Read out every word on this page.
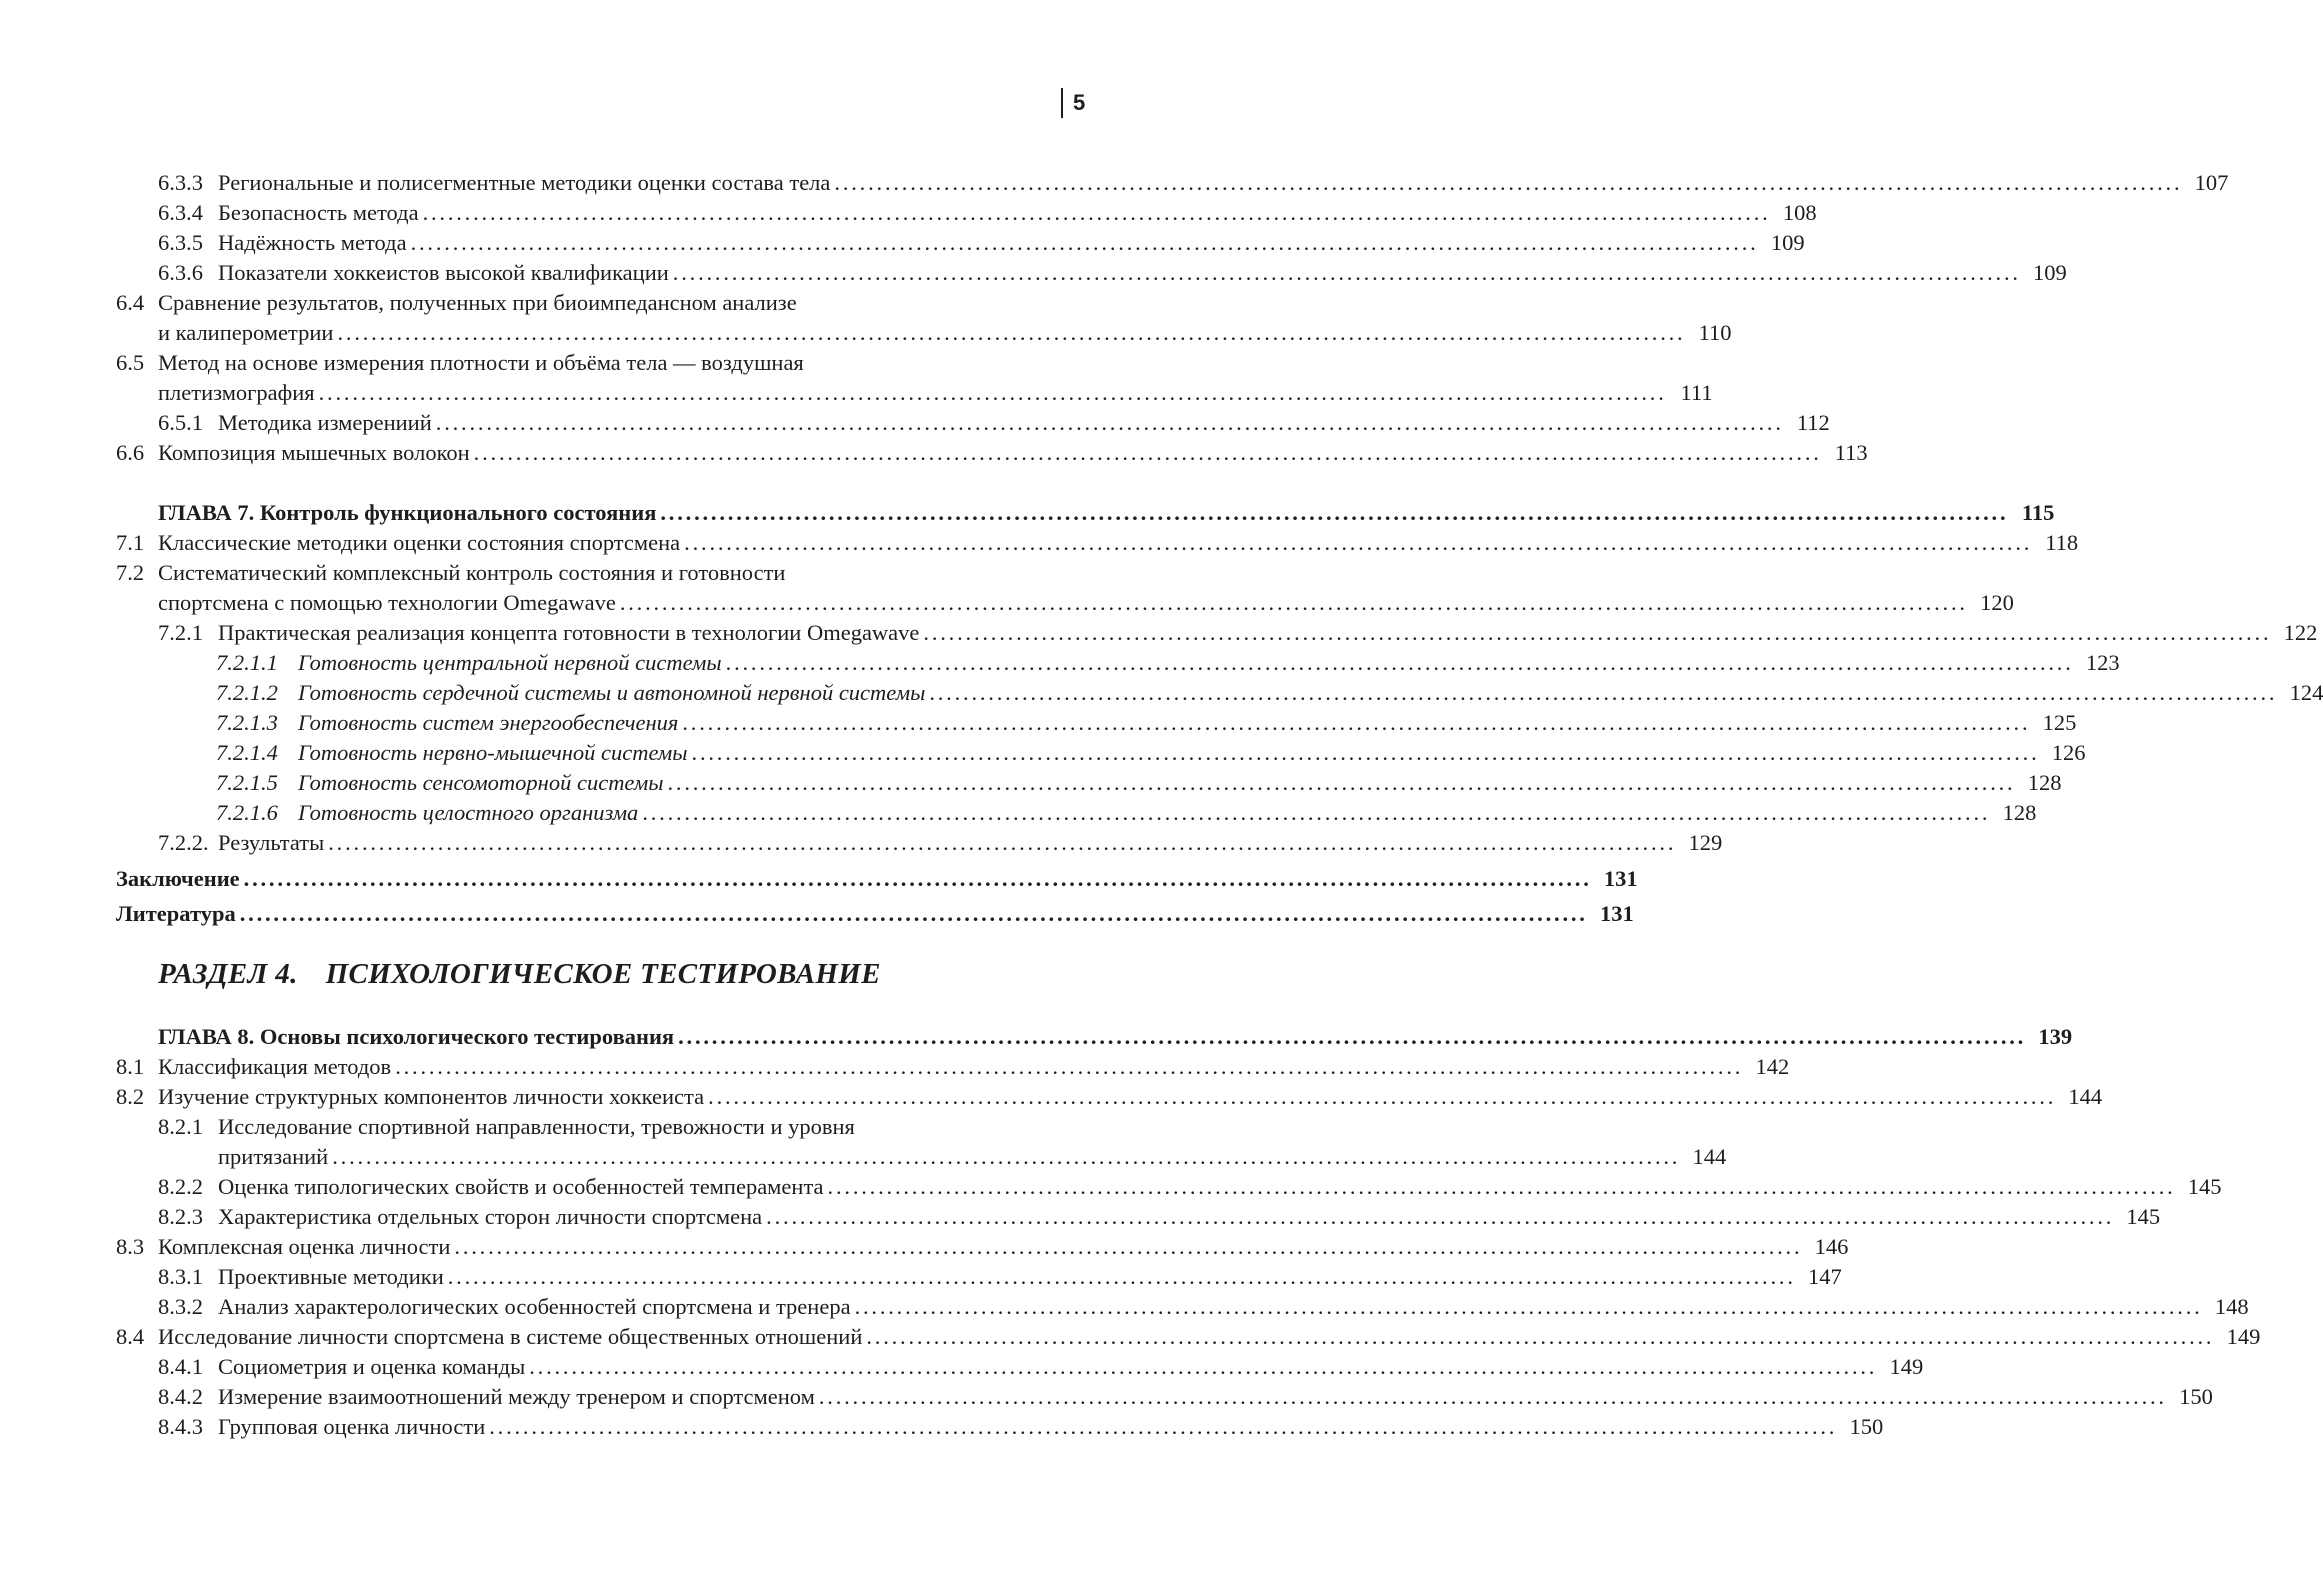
5
6.3.3 Региональные и полисегментные методики оценки состава тела ................................................................................................................................................................ 107
6.3.4 Безопасность метода ................................................................................................................................................................ 108
6.3.5 Надёжность метода ................................................................................................................................................................ 109
6.3.6 Показатели хоккеистов высокой квалификации ................................................................................................................................................................ 109
6.4 Сравнение результатов, полученных при биоимпедансном анализе
и калиперометрии ................................................................................................................................................................ 110
6.5 Метод на основе измерения плотности и объёма тела — воздушная
плетизмография ................................................................................................................................................................ 111
6.5.1 Методика измерениий ................................................................................................................................................................ 112
6.6 Композиция мышечных волокон ................................................................................................................................................................ 113
ГЛАВА 7. Контроль функционального состояния ................................................................................................................................................................ 115
7.1 Классические методики оценки состояния спортсмена ................................................................................................................................................................ 118
7.2 Систематический комплексный контроль состояния и готовности
спортсмена с помощью технологии Omegawave ................................................................................................................................................................ 120
7.2.1 Практическая реализация концепта готовности в технологии Omegawave ................................................................................................................................................................ 122
7.2.1.1 Готовность центральной нервной системы ................................................................................................................................................................ 123
7.2.1.2 Готовность сердечной системы и автономной нервной системы ................................................................................................................................................................ 124
7.2.1.3 Готовность систем энергообеспечения ................................................................................................................................................................ 125
7.2.1.4 Готовность нервно-мышечной системы ................................................................................................................................................................ 126
7.2.1.5 Готовность сенсомоторной системы ................................................................................................................................................................ 128
7.2.1.6 Готовность целостного организма ................................................................................................................................................................ 128
7.2.2. Результаты ................................................................................................................................................................ 129
Заключение ................................................................................................................................................................ 131
Литература ................................................................................................................................................................ 131
ГЛАВА 8. Основы психологического тестирования ................................................................................................................................................................ 139
8.1 Классификация методов ................................................................................................................................................................ 142
8.2 Изучение структурных компонентов личности хоккеиста ................................................................................................................................................................ 144
8.2.1 Исследование спортивной направленности, тревожности и уровня
притязаний ................................................................................................................................................................ 144
8.2.2 Оценка типологических свойств и особенностей темперамента ................................................................................................................................................................ 145
8.2.3 Характеристика отдельных сторон личности спортсмена ................................................................................................................................................................ 145
8.3 Комплексная оценка личности ................................................................................................................................................................ 146
8.3.1 Проективные методики ................................................................................................................................................................ 147
8.3.2 Анализ характерологических особенностей спортсмена и тренера ................................................................................................................................................................ 148
8.4 Исследование личности спортсмена в системе общественных отношений ................................................................................................................................................................ 149
8.4.1 Социометрия и оценка команды ................................................................................................................................................................ 149
8.4.2 Измерение взаимоотношений между тренером и спортсменом ................................................................................................................................................................ 150
8.4.3 Групповая оценка личности ................................................................................................................................................................ 150
РАЗДЕЛ 4. ПСИХОЛОГИЧЕСКОЕ ТЕСТИРОВАНИЕ
